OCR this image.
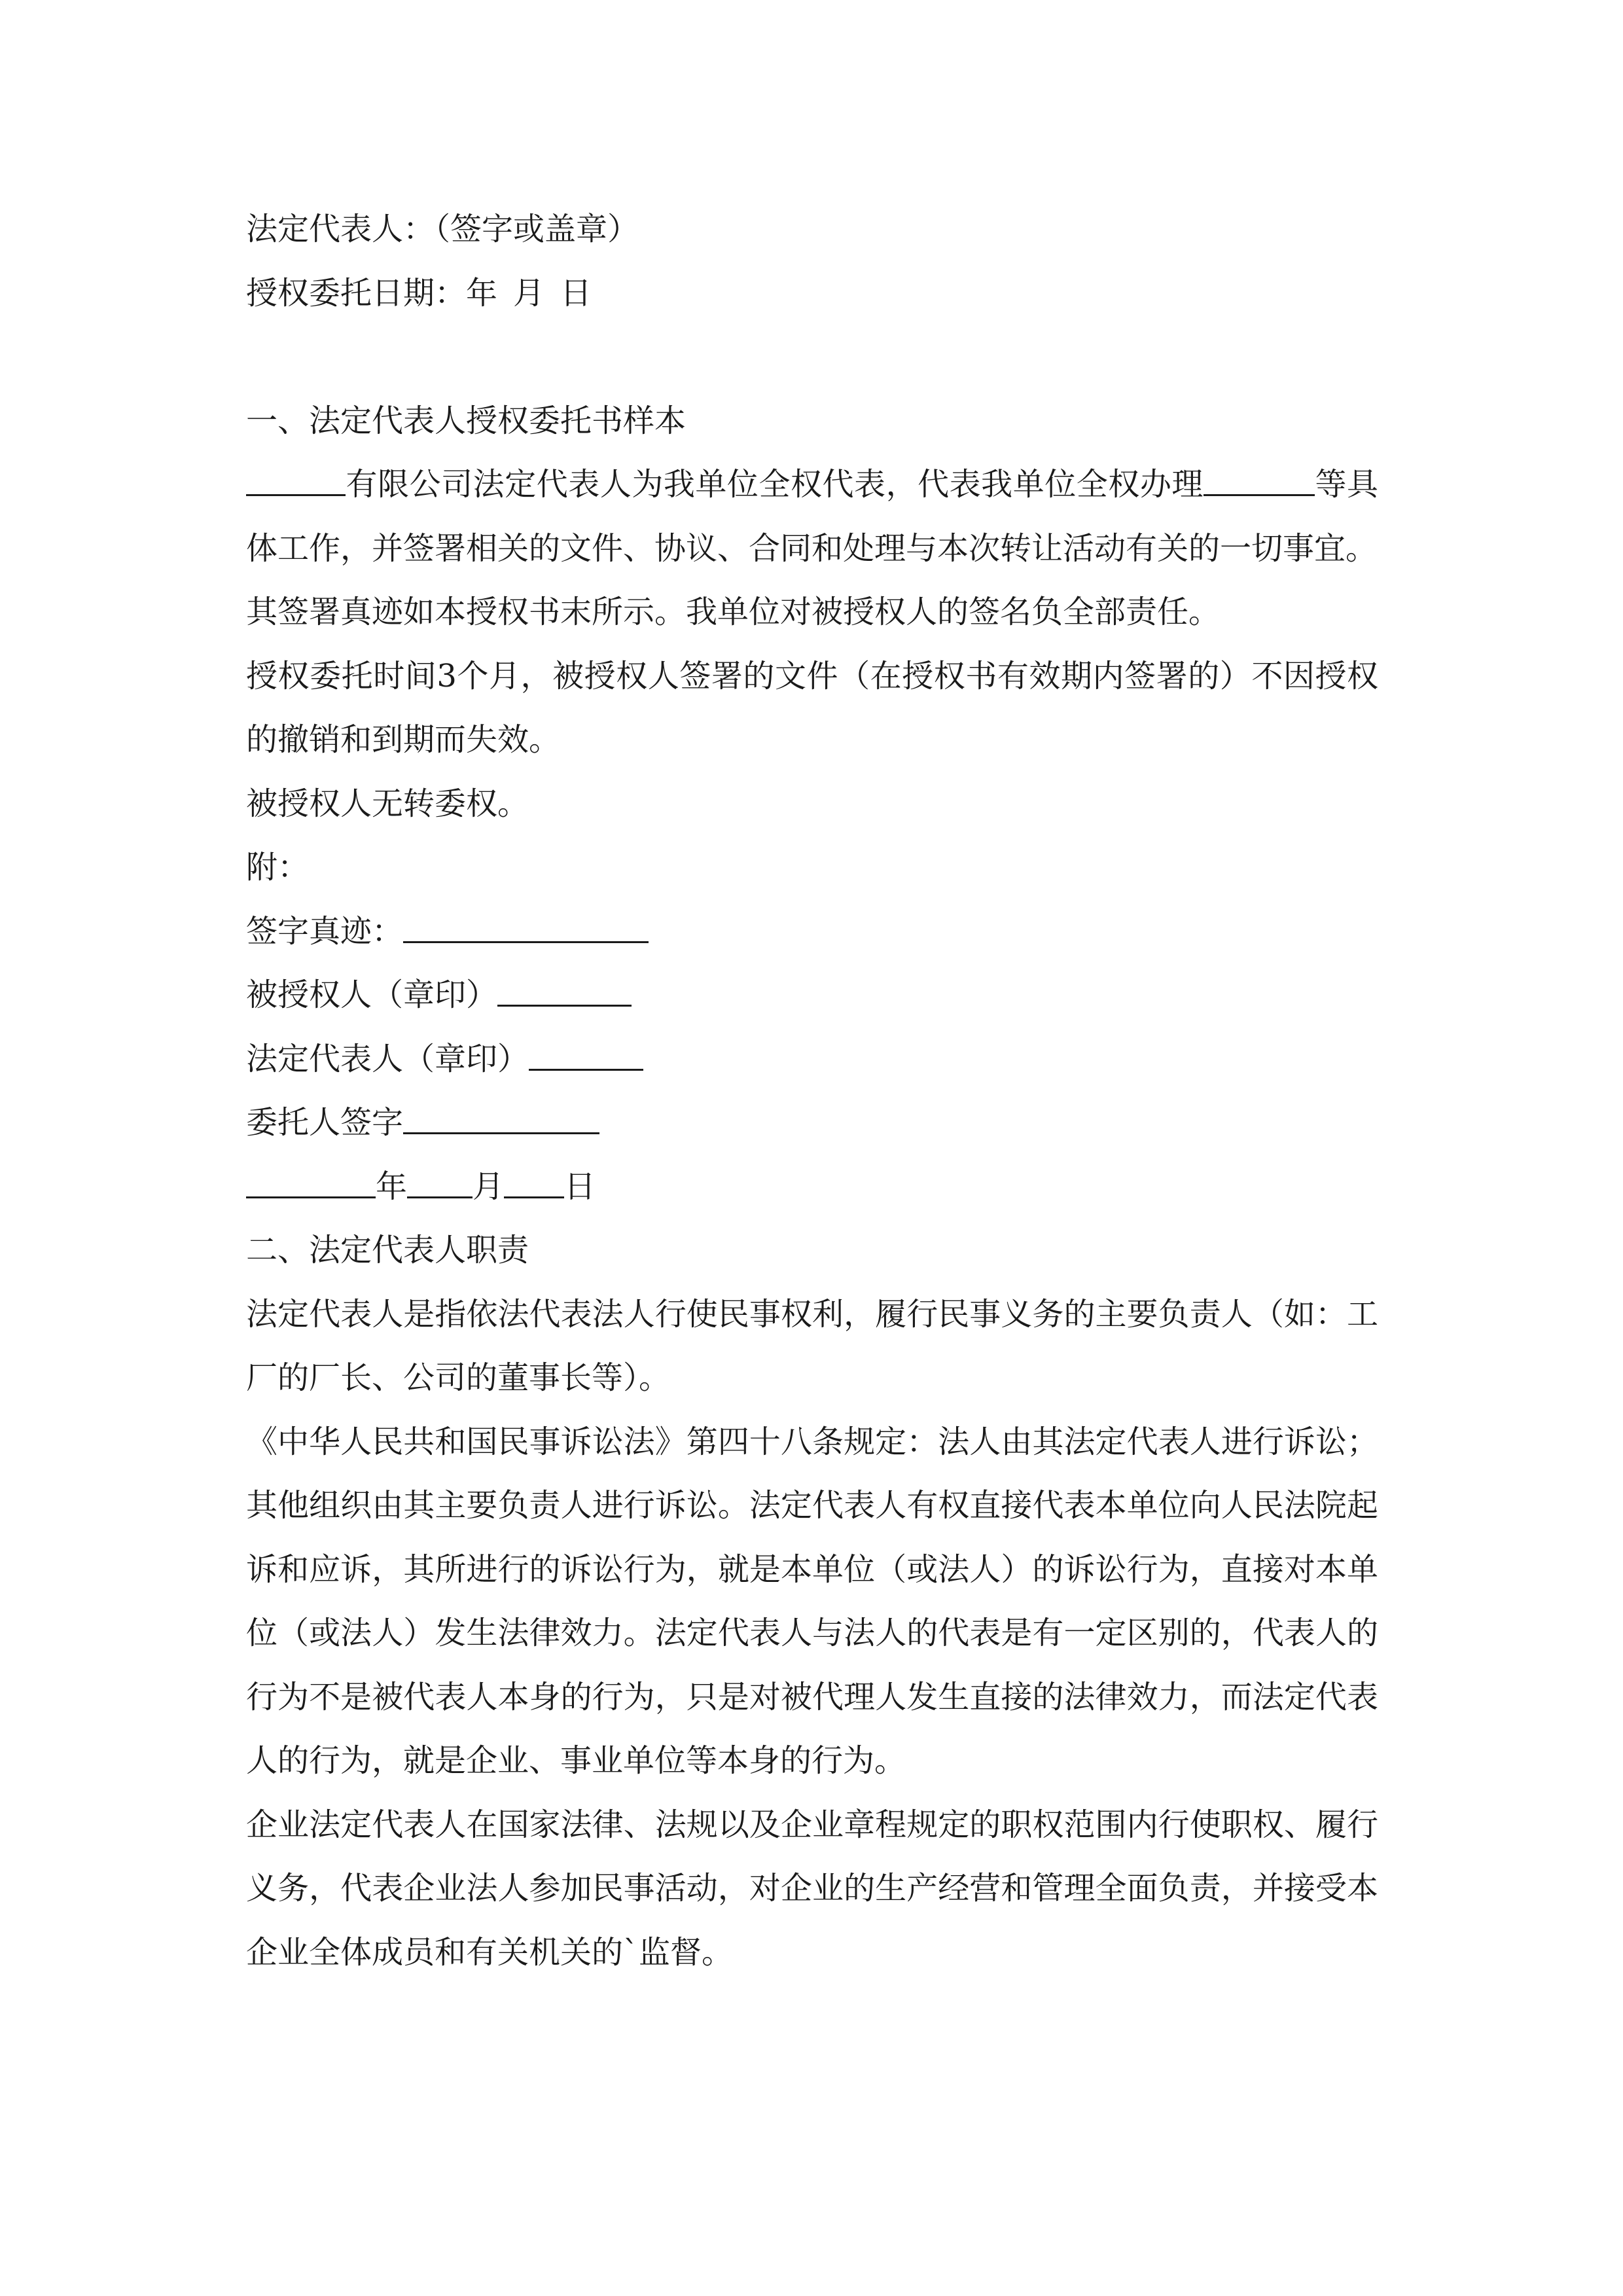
法定代表人：（签字或盖章）
授权委托日期：年 月 日
一、法定代表人授权委托书样本
有限公司法定代表人为我单位全权代表，代表我单位全权办理	等具体工作，并签署相关的文件、协议、合同和处理与本次转让活动有关的一切事宜。
其签署真迹如本授权书末所示。我单位对被授权人的签名负全部责任。
授权委托时间3个月，被授权人签署的文件（在授权书有效期内签署的）不因授权的撤销和到期而失效。
被授权人无转委权。
附：
签字真迹：
被授权人（章印）
法定代表人（章印）
委托人签字
年 月 日
二、法定代表人职责
法定代表人是指依法代表法人行使民事权利，履行民事义务的主要负责人（如：工厂的厂长、公司的董事长等）。
《中华人民共和国民事诉讼法》第四十八条规定：法人由其法定代表人进行诉讼；其他组织由其主要负责人进行诉讼。法定代表人有权直接代表本单位向人民法院起诉和应诉，其所进行的诉讼行为，就是本单位（或法人）的诉讼行为，直接对本单位（或法人）发生法律效力。法定代表人与法人的代表是有一定区别的，代表人的行为不是被代表人本身的行为，只是对被代理人发生直接的法律效力，而法定代表人的行为，就是企业、事业单位等本身的行为。
企业法定代表人在国家法律、法规以及企业章程规定的职权范围内行使职权、履行义务，代表企业法人参加民事活动，对企业的生产经营和管理全面负责，并接受本企业全体成员和有关机关的`监督。
